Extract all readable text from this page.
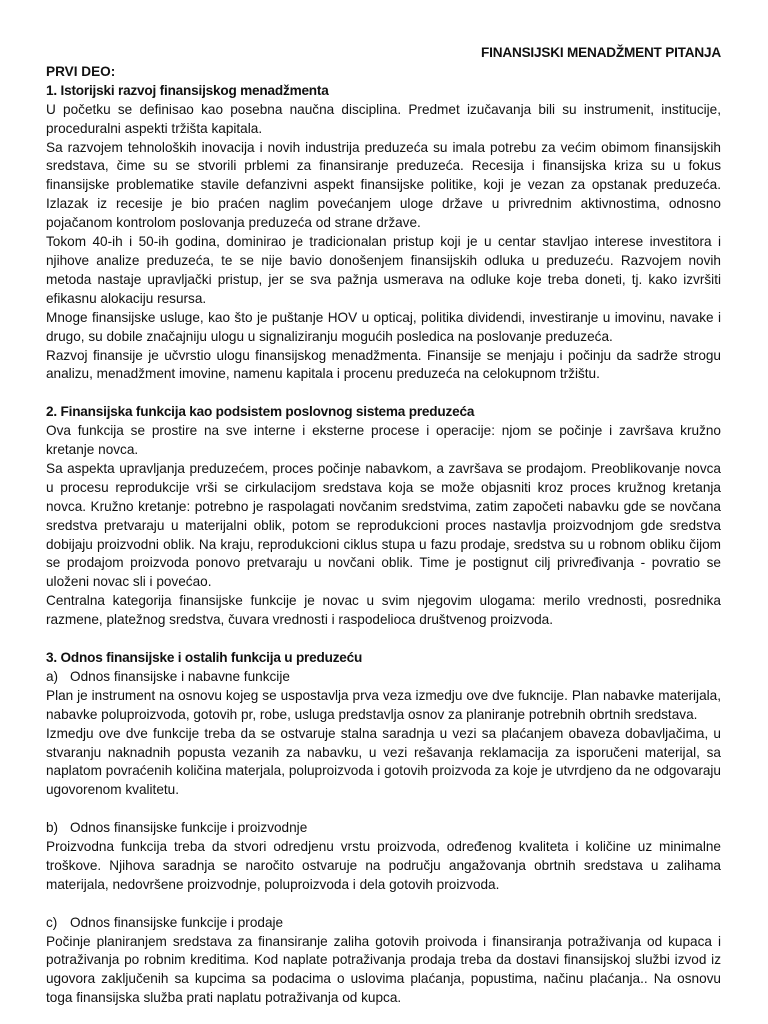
FINANSIJSKI MENADŽMENT PITANJA

PRVI DEO:

1. Istorijski razvoj finansijskog menadžmenta

U početku se definisao kao posebna naučna disciplina. Predmet izučavanja bili su instrumenit, institucije, proceduralni aspekti tržišta kapitala.

Sa razvojem tehnoloških inovacija i novih industrija preduzeća su imala potrebu za većim obimom finansijskih sredstava, čime su se stvorili prblemi za finansiranje preduzeća. Recesija i finansijska kriza su u fokus finansijske problematike stavile defanzivni aspekt finansijske politike, koji je vezan za opstanak preduzeća. Izlazak iz recesije je bio praćen naglim povećanjem uloge države u privrednim aktivnostima, odnosno pojačanom kontrolom poslovanja preduzeća od strane države.

Tokom 40-ih i 50-ih godina, dominirao je tradicionalan pristup koji je u centar stavljao interese investitora i njihove analize preduzeća, te se nije bavio donošenjem finansijskih odluka u preduzeću. Razvojem novih metoda nastaje upravljački pristup, jer se sva pažnja usmerava na odluke koje treba doneti, tj. kako izvršiti efikasnu alokaciju resursa.

Mnoge finansijske usluge, kao što je puštanje HOV u opticaj, politika dividendi, investiranje u imovinu, navake i drugo, su dobile značajniju ulogu u signaliziranju mogućih posledica na poslovanje preduzeća.

Razvoj finansije je učvrstio ulogu finansijskog menadžmenta. Finansije se menjaju i počinju da sadrže strogu analizu, menadžment imovine, namenu kapitala i procenu preduzeća na celokupnom tržištu.

2. Finansijska funkcija kao podsistem poslovnog sistema preduzeća

Ova funkcija se prostire na sve interne i eksterne procese i operacije: njom se počinje i završava kružno kretanje novca.

Sa aspekta upravljanja preduzećem, proces počinje nabavkom, a završava se prodajom. Preoblikovanje novca u procesu reprodukcije vrši se cirkulacijom sredstava koja se može objasniti kroz proces kružnog kretanja novca. Kružno kretanje: potrebno je raspolagati novčanim sredstvima, zatim započeti nabavku gde se novčana sredstva pretvaraju u materijalni oblik, potom se reprodukcioni proces nastavlja proizvodnjom gde sredstva dobijaju proizvodni oblik. Na kraju, reprodukcioni ciklus stupa u fazu prodaje, sredstva su u robnom obliku čijom se prodajom proizvoda ponovo pretvaraju u novčani oblik. Time je postignut cilj privređivanja - povratio se uloženi novac sli i povećao.

Centralna kategorija finansijske funkcije je novac u svim njegovim ulogama: merilo vrednosti, posrednika razmene, platežnog sredstva, čuvara vrednosti i raspodelioca društvenog proizvoda.

3. Odnos finansijske i ostalih funkcija u preduzeću

a) Odnos finansijske i nabavne funkcije

Plan je instrument na osnovu kojeg se uspostavlja prva veza izmedju ove dve fukncije. Plan nabavke materijala, nabavke poluproizvoda, gotovih pr, robe, usluga predstavlja osnov za planiranje potrebnih obrtnih sredstava.

Izmedju ove dve funkcije treba da se ostvaruje stalna saradnja u vezi sa plaćanjem obaveza dobavljačima, u stvaranju naknadnih popusta vezanih za nabavku, u vezi rešavanja reklamacija za isporučeni materijal, sa naplatom povraćenih količina materjala, poluproizvoda i gotovih proizvoda za koje je utvrdjeno da ne odgovaraju ugovorenom kvalitetu.

b) Odnos finansijske funkcije i proizvodnje

Proizvodna funkcija treba da stvori odredjenu vrstu proizvoda, određenog kvaliteta i količine uz minimalne troškove. Njihova saradnja se naročito ostvaruje na području angažovanja obrtnih sredstava u zalihama materijala, nedovršene proizvodnje, poluproizvoda i dela gotovih proizvoda.

c) Odnos finansijske funkcije i prodaje

Počinje planiranjem sredstava za finansiranje zaliha gotovih proivoda i finansiranja potraživanja od kupaca i potraživanja po robnim kreditima. Kod naplate potraživanja prodaja treba da dostavi finansijskoj službi izvod iz ugovora zaključenih sa kupcima sa podacima o uslovima plaćanja, popustima, načinu plaćanja.. Na osnovu toga finansijska služba prati naplatu potraživanja od kupca.
